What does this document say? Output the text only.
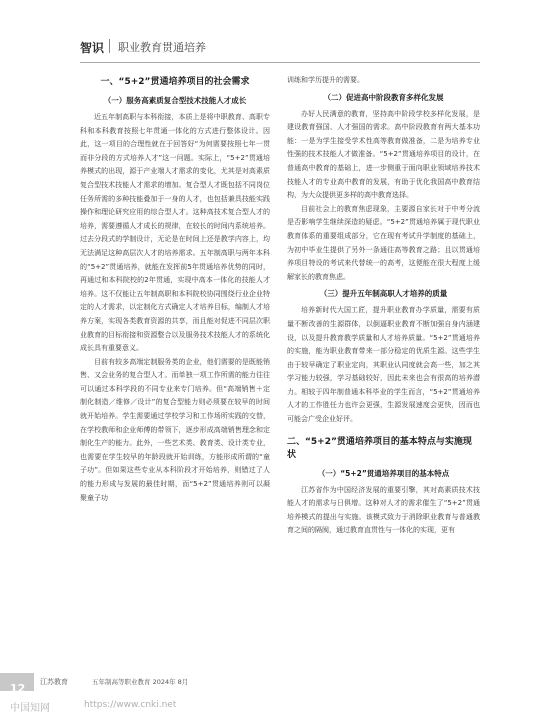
智识 职业教育贯通培养
一、“5+2”贯通培养项目的社会需求
（一）服务高素质复合型技术技能人才成长

近五年制高职与本科衔接，本质上是将中职教育、高职专科和本科教育按照七年贯通一体化的方式进行整体设计。因此，这一项目的合理性就在于回答好“为何需要按照七年一贯而非分段的方式培养人才”这一问题。实际上，“5+2”贯通培养模式的出现，源于产业端人才需求的变化，尤其是对高素质复合型技术技能人才需求的增加。复合型人才既包括不同岗位任务所需的多种技能叠加于一身的人才，也包括兼具技能实践操作和理论研究应用的综合型人才。这种高技术复合型人才的培养，需要遵循人才成长的规律，在较长的时间内系统培养。过去分段式的学制设计，无论是在时间上还是教学内容上，均无法满足这种高层次人才的培养需求。五年制高职与两年本科的“5+2”贯通培养，就能在发挥前5年贯通培养优势的同时，再通过和本科院校的2年贯通，实现中高本一体化的技能人才培养。这不仅能让五年制高职和本科院校协同围绕行业企业特定的人才需求，以定制化方式确定人才培养目标，编制人才培养方案，实现各类教育资源的共享，而且能对促进不同层次职业教育的目标衔接和资源整合以及服务技术技能人才的系统化成长具有重要意义。

目前有较多高端定制服务类的企业，他们需要的是既能销售、又会业务的复合型人才。而单独一项工作所需的能力往往可以通过本科学段的不同专业来专门培养。但“高端销售＋定制化制造／维修／设计”的复合型能力则必须要在较早的时间就开始培养。学生需要通过学校学习和工作场所实践的交替，在学校教师和企业师傅的带领下，逐步形成高端销售理念和定制化生产的能力。此外，一些艺术类、教育类、设计类专业，也需要在学生较早的年龄段就开始训练，方能形成所谓的“童子功”。但如果这些专业从本科阶段才开始培养，则错过了人的能力形成与发展的最佳时期，而“5+2”贯通培养则可以凝聚童子功

训练和学历提升的需要。

（二）促进高中阶段教育多样化发展

办好人民满意的教育，坚持高中阶段学校多样化发展，是建设教育强国、人才强国的需求。高中阶段教育有两大基本功能：一是为学生接受学术性高等教育做准备，二是为培养专业性强的技术技能人才做准备。“5+2”贯通培养项目的设计，在普通高中教育的基础上，进一步侧重于面向职业领域培养技术技能人才的专业高中教育的发展，有助于优化我国高中教育结构，为大众提供更多样的高中教育选择。

目前社会上的教育焦虑现象，主要源自家长对于中考分流是否影响学生继续深造的疑虑。“5+2”贯通培养属于现代职业教育体系的重要组成部分，它在现有考试升学制度的基础上，为初中毕业生提供了另外一条通往高等教育之路；且以贯通培养项目特设的考试来代替统一的高考，这便能在很大程度上缓解家长的教育焦虑。

（三）提升五年制高职人才培养的质量

培养新时代大国工匠，提升职业教育办学质量，需要有质量不断改善的生源群体，以倒逼职业教育不断加强自身内涵建设，以及提升教育教学质量和人才培养质量。“5+2”贯通培养的实施，能为职业教育带来一部分稳定的优质生源。这些学生由于较早确定了职业定向，其职业认同度就会高一些，加之其学习能力较强，学习基础较好，因此未来也会有很高的培养潜力。相较于四年制普通本科毕业的学生而言，“5+2”贯通培养人才的工作胜任力也许会更强，生源发展速度会更快，因而也可能会广受企业好评。

二、“5+2”贯通培养项目的基本特点与实施现状
（一）“5+2”贯通培养项目的基本特点

江苏省作为中国经济发展的重要引擎，其对高素质技术技能人才的需求与日俱增。这种对人才的需求催生了“5+2”贯通培养模式的提出与实施。该模式致力于消除职业教育与普通教育之间的隔阂，通过教育直贯性与一体化的实现，更有

12 江苏教育	五年制高等职业教育 2024年 8月
中国知网	https://www.cnki.net
